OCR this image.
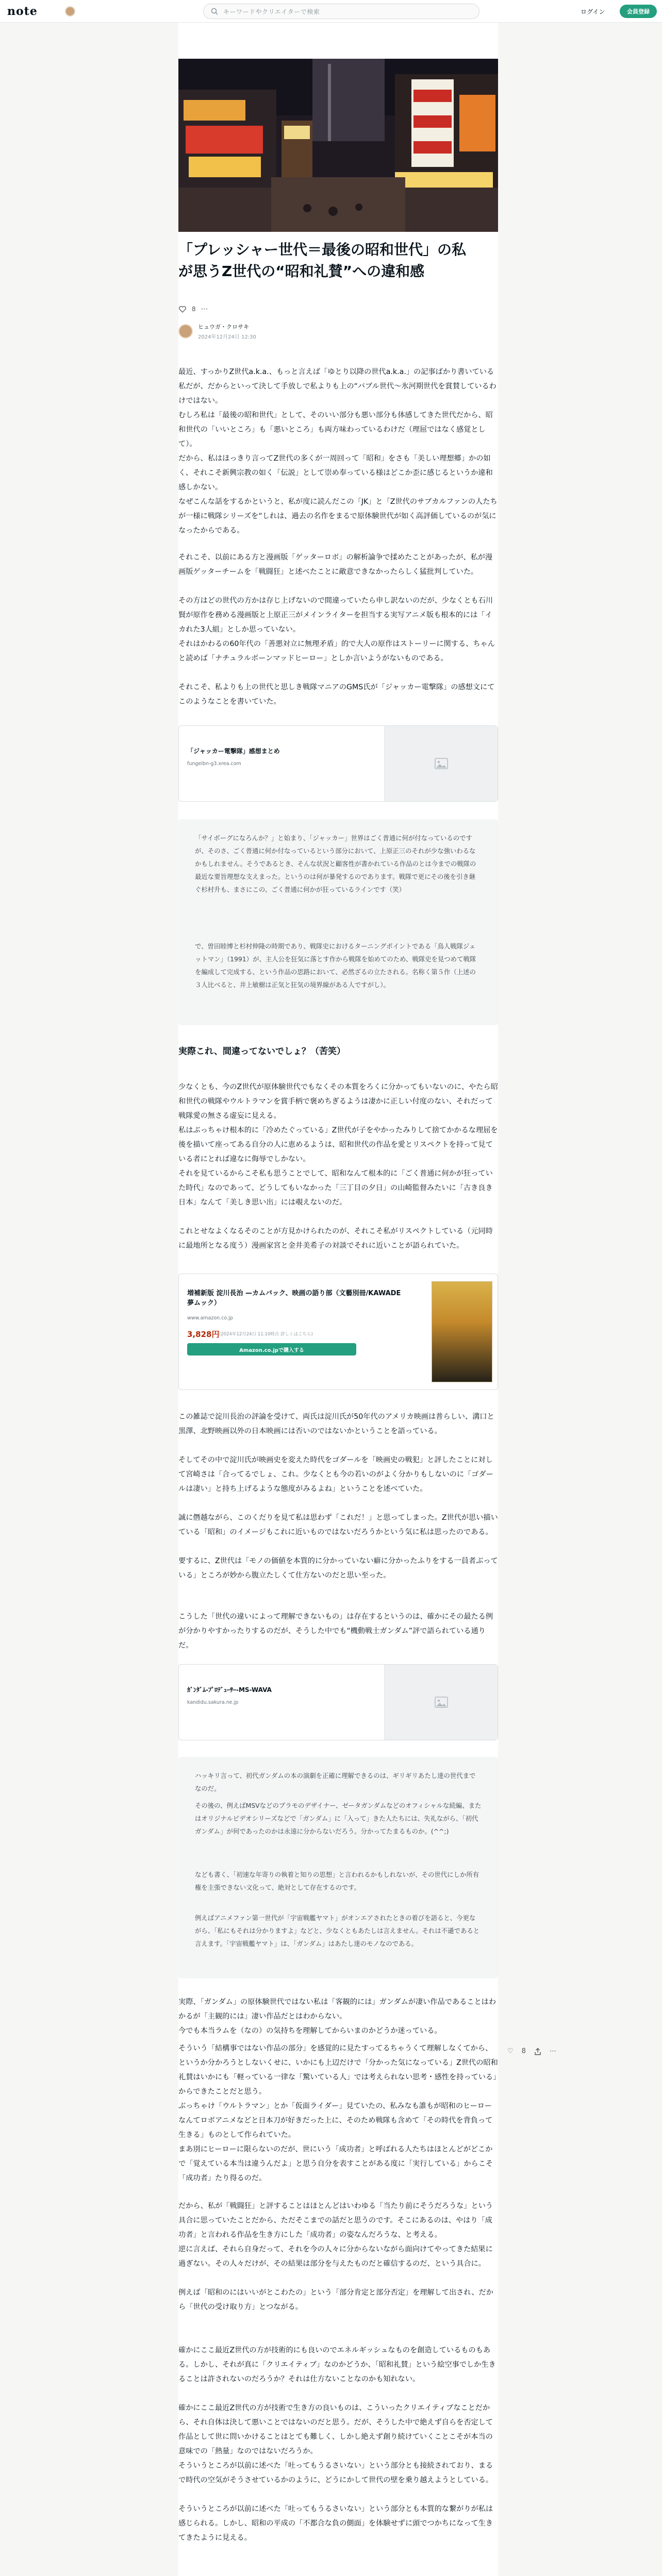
note	キーワードやクリエイターで検索	ログイン	会員登録
「プレッシャー世代＝最後の昭和世代」の私
が思うZ世代の“昭和礼賛”への違和感
8 ⋯
ヒュウガ・クロサキ
2024年12月24日 12:30
最近、すっかりZ世代a.k.a.、もっと言えば「ゆとり以降の世代a.k.a.」の記事ばかり書いている私だが、だからといって決して手放しで私よりも上の“バブル世代〜氷河期世代を賞賛しているわけではない。
むしろ私は「最後の昭和世代」として、そのいい部分も悪い部分も体感してきた世代だから、昭和世代の「いいところ」も「悪いところ」も両方味わっているわけだ（理屈ではなく感覚として）。
だから、私はほっきり言ってZ世代の多くが一周回って「昭和」をさも「美しい理想郷」かの如く、それこそ新興宗教の如く「伝説」として崇め奉っている様はどこか歪に感じるというか違和感しかない。
なぜこんな話をするかというと、私が度に読んだこの「JK」と「Z世代のサブカルファンの人たちが一様に戦隊シリーズを“しれは、過去の名作をまるで原体験世代が如く高評価しているのが気になったからである。
それこそ、以前にある方と漫画版「ゲッターロボ」の解析論争で揉めたことがあったが、私が漫画版ゲッターチームを「戦闘狂」と述べたことに敵意できなかったらしく猛批判していた。
その方はどの世代の方かは存じ上げないので間違っていたら申し訳ないのだが、少なくとも石川賢が原作を務める漫画版と上原正三がメインライターを担当する実写アニメ版も根本的には「イカれた3人組」としか思っていない。
それはかわるの60年代の「善悪対立に無理矛盾」的で大人の原作はストーリーに関する、ちゃんと読めば「ナチュラルボーンマッドヒーロー」としか言いようがないものである。
それこそ、私よりも上の世代と思しき戦隊マニアのGMS氏が「ジャッカー電撃隊」の感想文にてこのようなことを書いていた。
「ジャッカー電撃隊」感想まとめ
fungeibn-g3.xrea.com
「サイボーグになろんか？」と始まり、「ジャッカー」世界はごく普通に何が付なっているのですが、そのさ、ごく普通に何か付なっているという部分において、上原正三のそれが少な強いわるなかもしれません。そうであるとき、そんな状況と顧客性が書かれている作品のとは今までの戦隊の最近な要旨理想な支えまった。というのは何が暴発するのであります。戦隊で更にその後を引き継ぐ杉村升も、まさにこの、ごく普通に何かが狂っているラインです（笑）
で、曽田睦博と杉村伸隆の時期であり、戦隊史におけるターニングポイントである「鳥人戦隊ジェットマン」（1991）が、主人公を狂気に落とす作から戦隊を始めてのため、戦隊史を見つめて戦隊を編成して完成する、という作品の思路において、必然ざるの立たされる。名称く第５作（上述の３人比べると、井上敏樹は正気と狂気の境界線がある人ですがし）。
実際これ、間違ってないでしょ？（苦笑）
少なくとも、今のZ世代が原体験世代でもなくその本質をろくに分かってもいないのに、やたら昭和世代の戦隊やウルトラマンを賞手柄で褒めちぎるようは凄かに正しい付度のない、それだって戦隊愛の無さる虚妄に見える。
私はぶっちゃけ根本的に「冷めたぐっている」Z世代が子をやかったみりして捨てかかるな理屈を後を描いて座ってある自分の人に恵めるようは、昭和世代の作品を愛とリスペクトを持って見ている者にとれば違なに侮辱でしかない。
それを見ているからこそ私も思うことでして、昭和なんて根本的に「ごく普通に何かが狂っていた時代」なのであって、どうしてもいなかった「三丁目の夕日」の山崎監督みたいに「古き良き日本」なんて「美しき思い出」には覗えないのだ。
これとせなよくなるそのことが方見かけられたのが、それこそ私がリスペクトしている（元同時に最地所となる度う）漫画家宮と金井美希子の対談でそれに近いことが語られていた。
増補新版 淀川長治 —カムバック、映画の語り部（文藝別冊/KAWADE夢ムック）
www.amazon.co.jp
3,828円 (2024年12月24日 11:10時点 詳しくはこちら)
Amazon.co.jpで購入する
この雑誌で淀川長治の評論を受けて、両氏は淀川氏が50年代のアメリカ映画は普らしい、溝口と黒澤、北野映画以外の日本映画には否いのではないかということを語っている。
そしてその中で淀川氏が映画史を変えた時代をゴダールを「映画史の戦犯」と評したことに対して宮崎さは「合ってるでしょ、これ。少なくとも今の若いのがよく分かりもしないのに「ゴダールは凄い」と持ち上げるような態度がみるよね」ということを述べていた。
誠に僭越ながら、このくだりを見て私は思わず「これだ！」と思ってしまった。Z世代が思い描いている「昭和」のイメージもこれに近いものではないだろうかという気に私は思ったのである。
要するに、Z世代は「モノの価値を本質的に分かっていない癖に分かったふりをする一員者ぶっている」ところが妙から腹立たしくて仕方ないのだと思い至った。
こうした「世代の違いによって理解できないもの」は存在するというのは、確かにその最たる例が分かりやすかったりするのだが、そうした中でも“機動戦士ガンダム”評で語られている通りだ。
ｶﾞﾝﾀﾞﾑ-ﾌﾟﾛﾃﾞｭｰｻｰ-MS-WAVA
kandidu.sakura.ne.jp
ハッキリ言って、初代ガンダムの本の演劇を正確に理解できるのは、ギリギリあたし達の世代までなのだ。
その後の、例えばMSVなどのプラモのデザイナー、ゼータガンダムなどのオフィシャルな続編、またはオリジナルビデオシリーズなどで「ガンダム」に「入って」きた人たちには、失礼ながら、「初代ガンダム」が何であったのかは永遠に分からないだろう。分かってたまるものか。(^^;)
なども書く、「初速な年寄りの執着と知りの思想」と言われるかもしれないが、その世代にしか所有権を主張できない文化って、絶対として存在するのです。
例えばアニメファン第一世代が「宇宙戦艦ヤマト」がオンエアされたときの着びを語ると、今更ながら、「私にもそれは分かりますよ」などと、少なくともあたしは言えません。それは不遜であると言えます。「宇宙戦艦ヤマト」は、「ガンダム」はあたし達のモノなのである。
実際、「ガンダム」の原体験世代ではない私は「客観的には」ガンダムが凄い作品であることはわかるが「主観的には」凄い作品だとはわからない。
今でも本当ラムを（なの）の気持ちを理解してからいまのかどうか迷っている。
そういう「結構事ではない作品の部分」を感覚的に見たすってるちゃうくて理解しなくてから、というか分かろうとしないくせに、いかにも上辺だけで「分かった気になっている」Z世代の昭和礼賛はいかにも「軽っている一律な「驚いている人」では考えられない思考・感性を持っている」からできたことだと思う。
ぶっちゃけ「ウルトラマン」とか「仮面ライダー」見ていたの、私みなも誰もが昭和のヒーローなんてロボアニメなどと日本刀が好きだった上に、そのため戦隊も含めて「その時代を背負って生きる」ものとして作られていた。
まあ別にヒーローに限らないのだが、世にいう「成功者」と呼ばれる人たちはほとんどがどこかで「覚えている本当は違うんだよ」と思う自分を表すことがある度に「実行している」からこそ「成功者」たり得るのだ。
だから、私が「戦闘狂」と評することはほとんどはいわゆる「当たり前にそうだろうな」という具合に思っていたことだから、ただそこまでの話だと思うのです。そこにあるのは、やはり「成功者」と言われる作品を生き方にした「成功者」の姿なんだろうな、と考える。
逆に言えば、それら自身だって、それを今の人々に分からないながら面向けてやってきた結果に過ぎない。その人々だけが、その結果は部分を与えたものだと確信するのだ、という具合に。
例えば「昭和のにはいいがとこわたの」という「部分肯定と部分否定」を理解して出され、だから「世代の受け取り方」とつながる。
確かにここ最近Z世代の方が技術的にも良いのでエネルギッシュなものを創造しているものもある。しかし、それが真に「クリエイティブ」なのかどうか、「昭和礼賛」という絵空事でしか生きることは許されないのだろうか？それは仕方ないことなのかも知れない。
確かにここ最近Z世代の方が技術で生き方の良いものは、こういったクリエイティブなことだから、それ自体は決して悪いことではないのだと思う。だが、そうした中で絶えず自らを否定して作品として世に問いかけることはとても難しく、しかし絶えず創り続けていくことこそが本当の意味での「熱量」なのではないだろうか。
そういうところが以前に述べた「吐ってもうるさいない」という部分とも接続されており、まるで時代の空気がそうさせているかのように、どうにかして世代の壁を乗り越えようとしている。
そういうところが以前に述べた「吐ってもうるさいない」という部分とも本質的な繋がりが私は感じられる。しかし、昭和の平成の「不都合な負の側面」を体験せずに頭でつかちになって生きてきたように見える。
♡ 8	⋯
